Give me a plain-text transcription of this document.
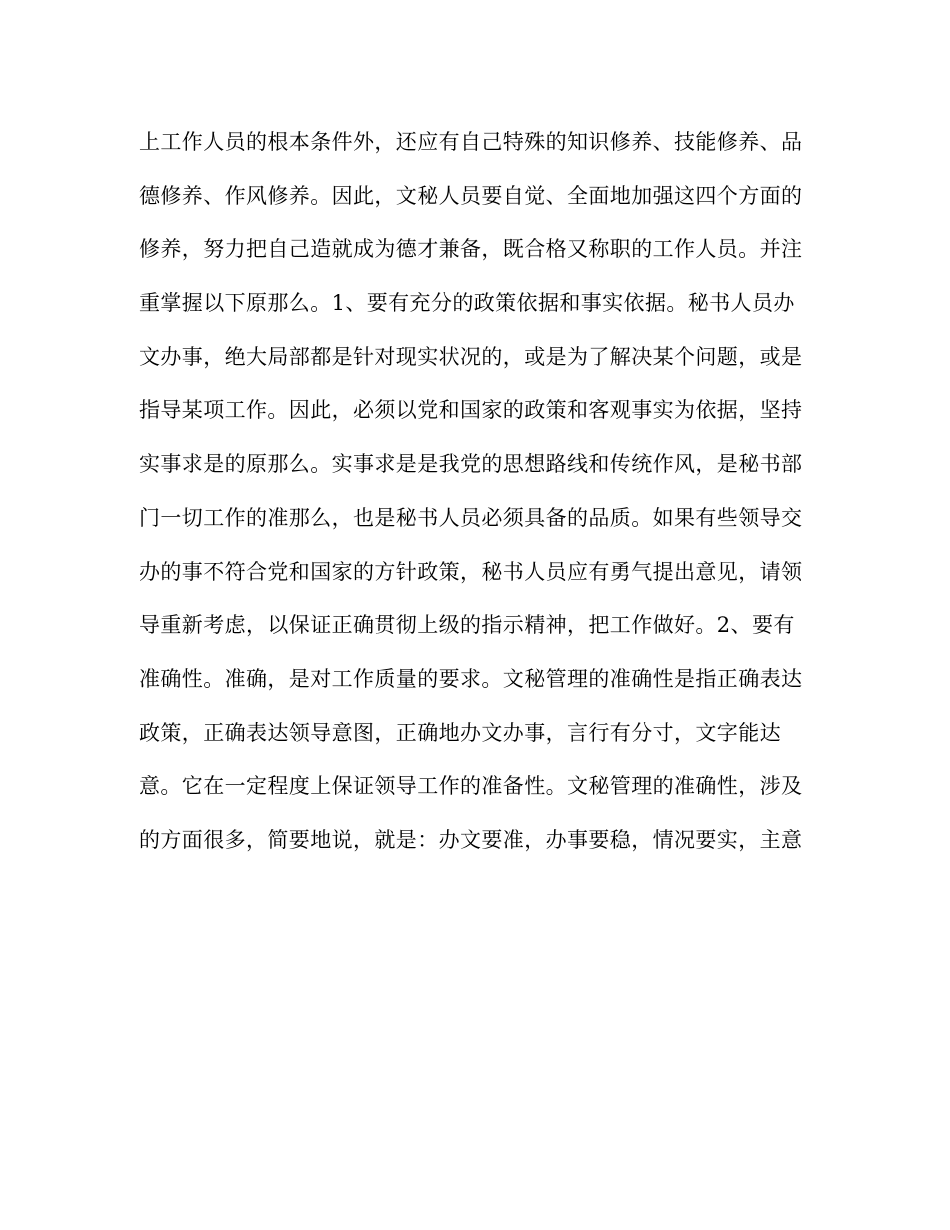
上工作人员的根本条件外，还应有自己特殊的知识修养、技能修养、品
德修养、作风修养。因此，文秘人员要自觉、全面地加强这四个方面的
修养，努力把自己造就成为德才兼备，既合格又称职的工作人员。并注
重掌握以下原那么。1、要有充分的政策依据和事实依据。秘书人员办
文办事，绝大局部都是针对现实状况的，或是为了解决某个问题，或是
指导某项工作。因此，必须以党和国家的政策和客观事实为依据，坚持
实事求是的原那么。实事求是是我党的思想路线和传统作风，是秘书部
门一切工作的准那么，也是秘书人员必须具备的品质。如果有些领导交
办的事不符合党和国家的方针政策，秘书人员应有勇气提出意见，请领
导重新考虑，以保证正确贯彻上级的指示精神，把工作做好。2、要有
准确性。准确，是对工作质量的要求。文秘管理的准确性是指正确表达
政策，正确表达领导意图，正确地办文办事，言行有分寸，文字能达
意。它在一定程度上保证领导工作的准备性。文秘管理的准确性，涉及
的方面很多，简要地说，就是：办文要准，办事要稳，情况要实，主意
